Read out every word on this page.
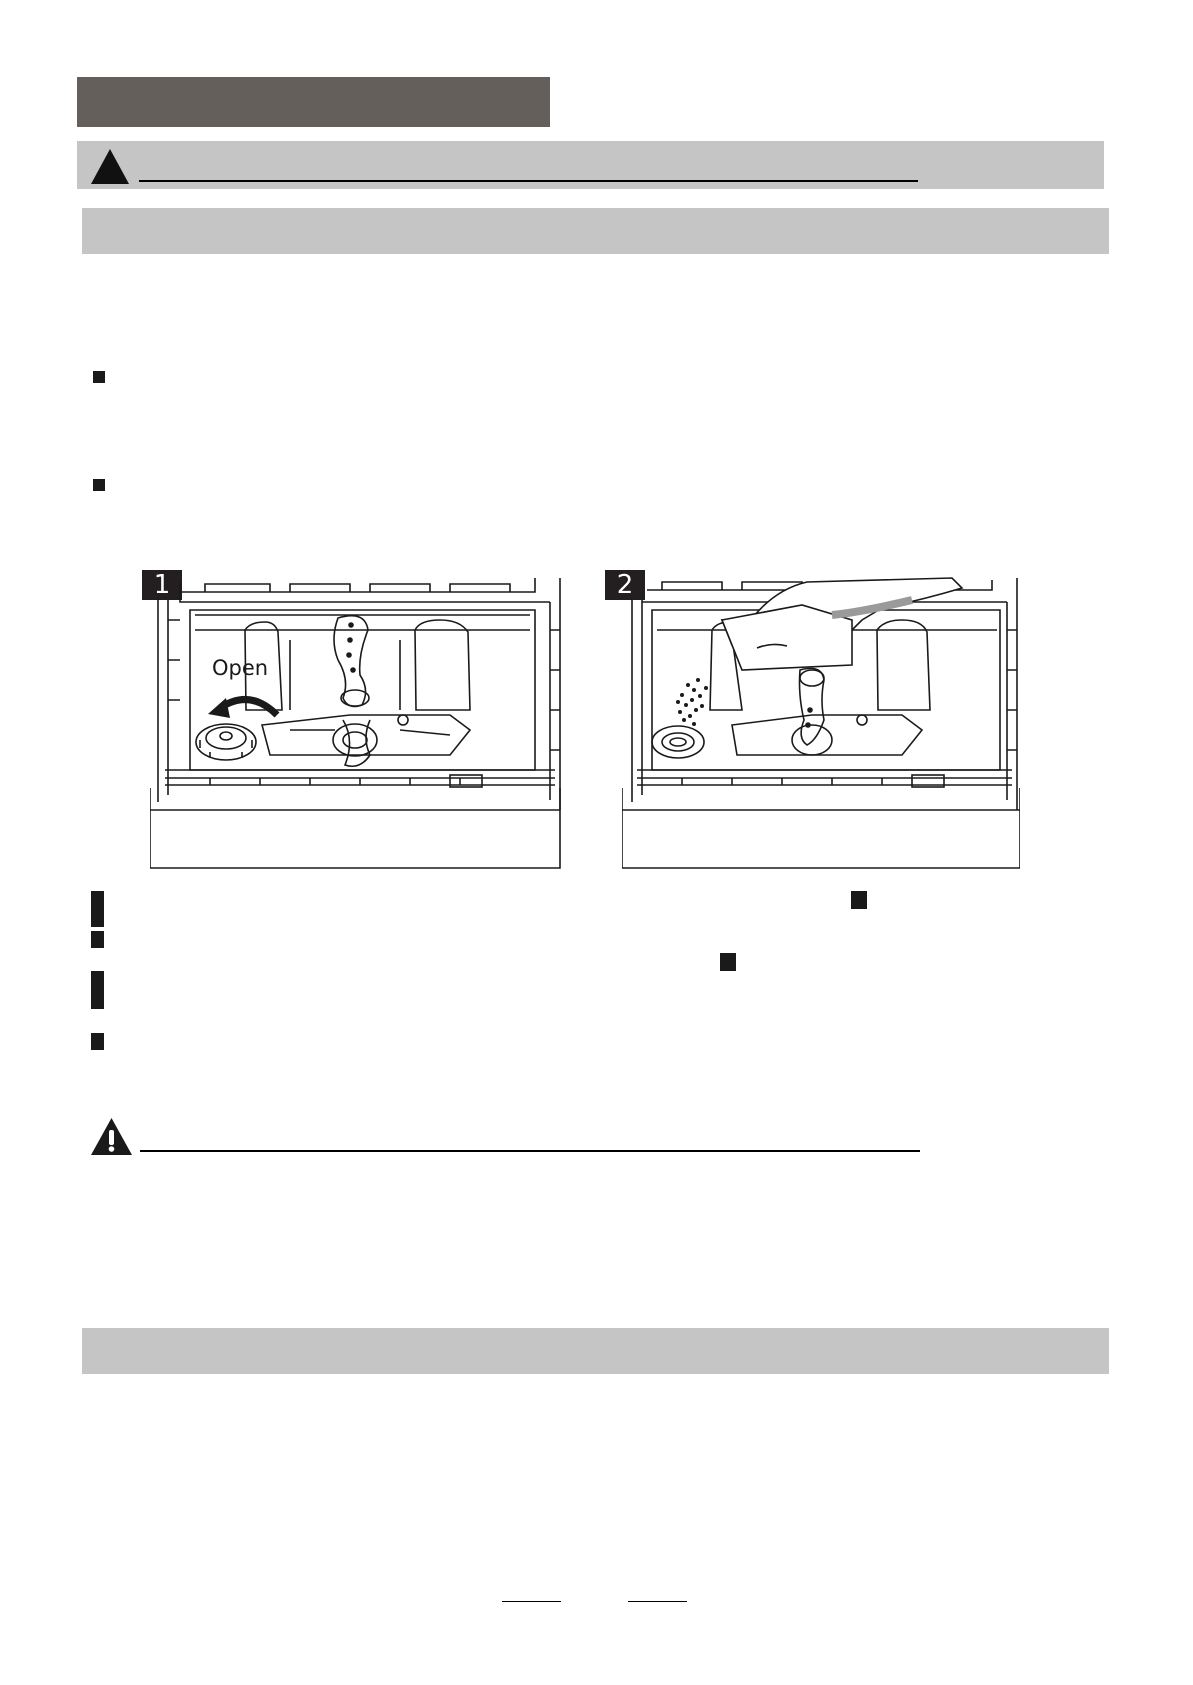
1
Open
2
